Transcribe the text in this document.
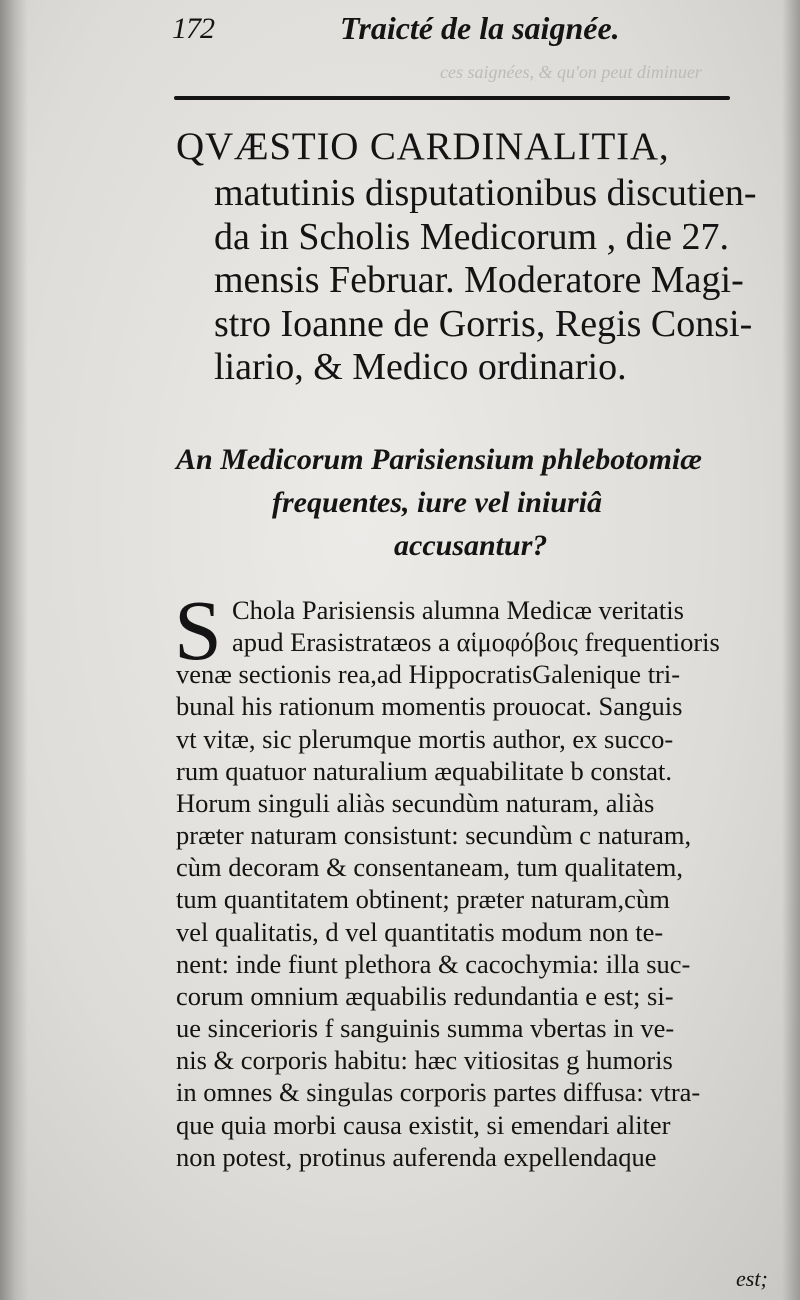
ces saignées, & qu'on peut diminuer
172	Traicté de la saignée.
QVÆSTIO CARDINALITIA,
matutinis disputationibus discutien-
da in Scholis Medicorum , die 27.
mensis Februar. Moderatore Magi-
stro Ioanne de Gorris, Regis Consi-
liario, & Medico ordinario.
An Medicorum Parisiensium phlebotomiæ
frequentes, iure vel iniuriâ
accusantur?
S Chola Parisiensis alumna Medicæ veritatis
apud Erasistratæos a αἱμοφόβοις frequentioris
venæ sectionis rea,ad HippocratisGalenique tri-
bunal his rationum momentis prouocat. Sanguis
vt vitæ, sic plerumque mortis author, ex succo-
rum quatuor naturalium æquabilitate b constat.
Horum singuli aliàs secundùm naturam, aliàs
præter naturam consistunt: secundùm c naturam,
cùm decoram & consentaneam, tum qualitatem,
tum quantitatem obtinent; præter naturam,cùm
vel qualitatis, d vel quantitatis modum non te-
nent: inde fiunt plethora & cacochymia: illa suc-
corum omnium æquabilis redundantia e est; si-
ue sincerioris f sanguinis summa vbertas in ve-
nis & corporis habitu: hæc vitiositas g humoris
in omnes & singulas corporis partes diffusa: vtra-
que quia morbi causa existit, si emendari aliter
non potest, protinus auferenda expellendaque
est;
